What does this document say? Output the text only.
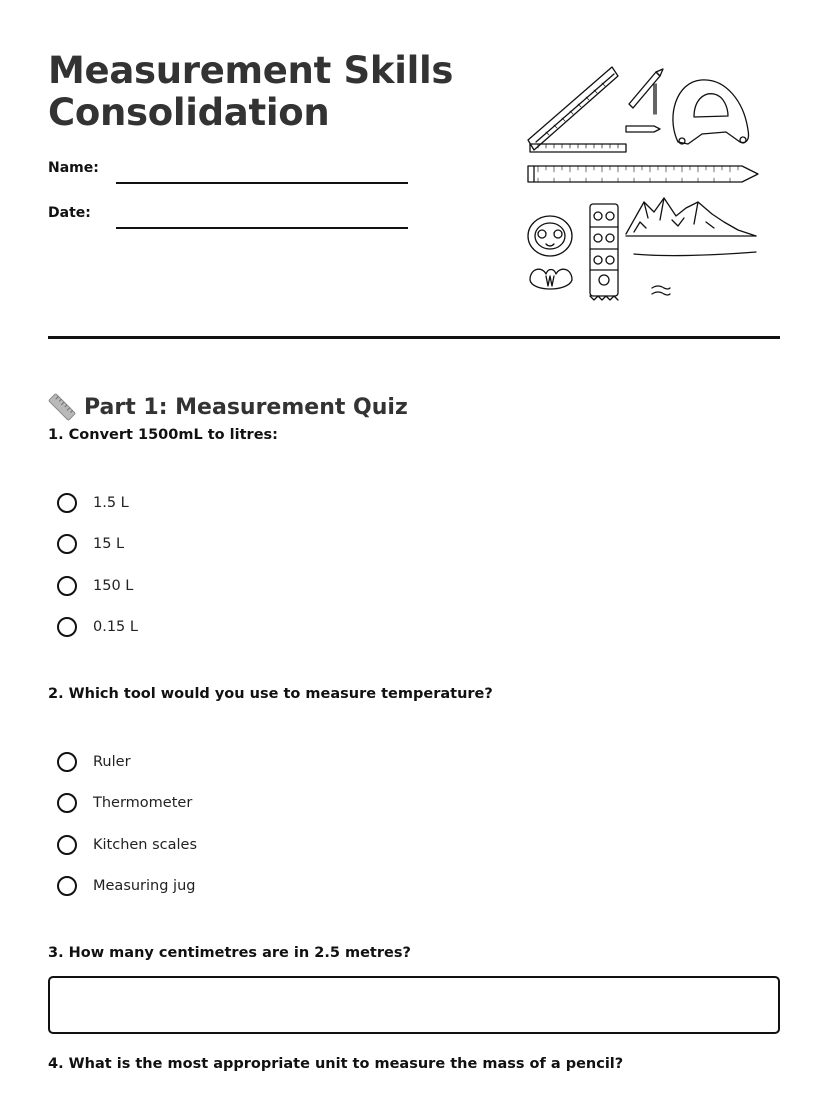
Measurement Skills
Consolidation
Name:
Date:
Part 1: Measurement Quiz
1. Convert 1500mL to litres:
1.5 L
15 L
150 L
0.15 L
2. Which tool would you use to measure temperature?
Ruler
Thermometer
Kitchen scales
Measuring jug
3. How many centimetres are in 2.5 metres?
4. What is the most appropriate unit to measure the mass of a pencil?
